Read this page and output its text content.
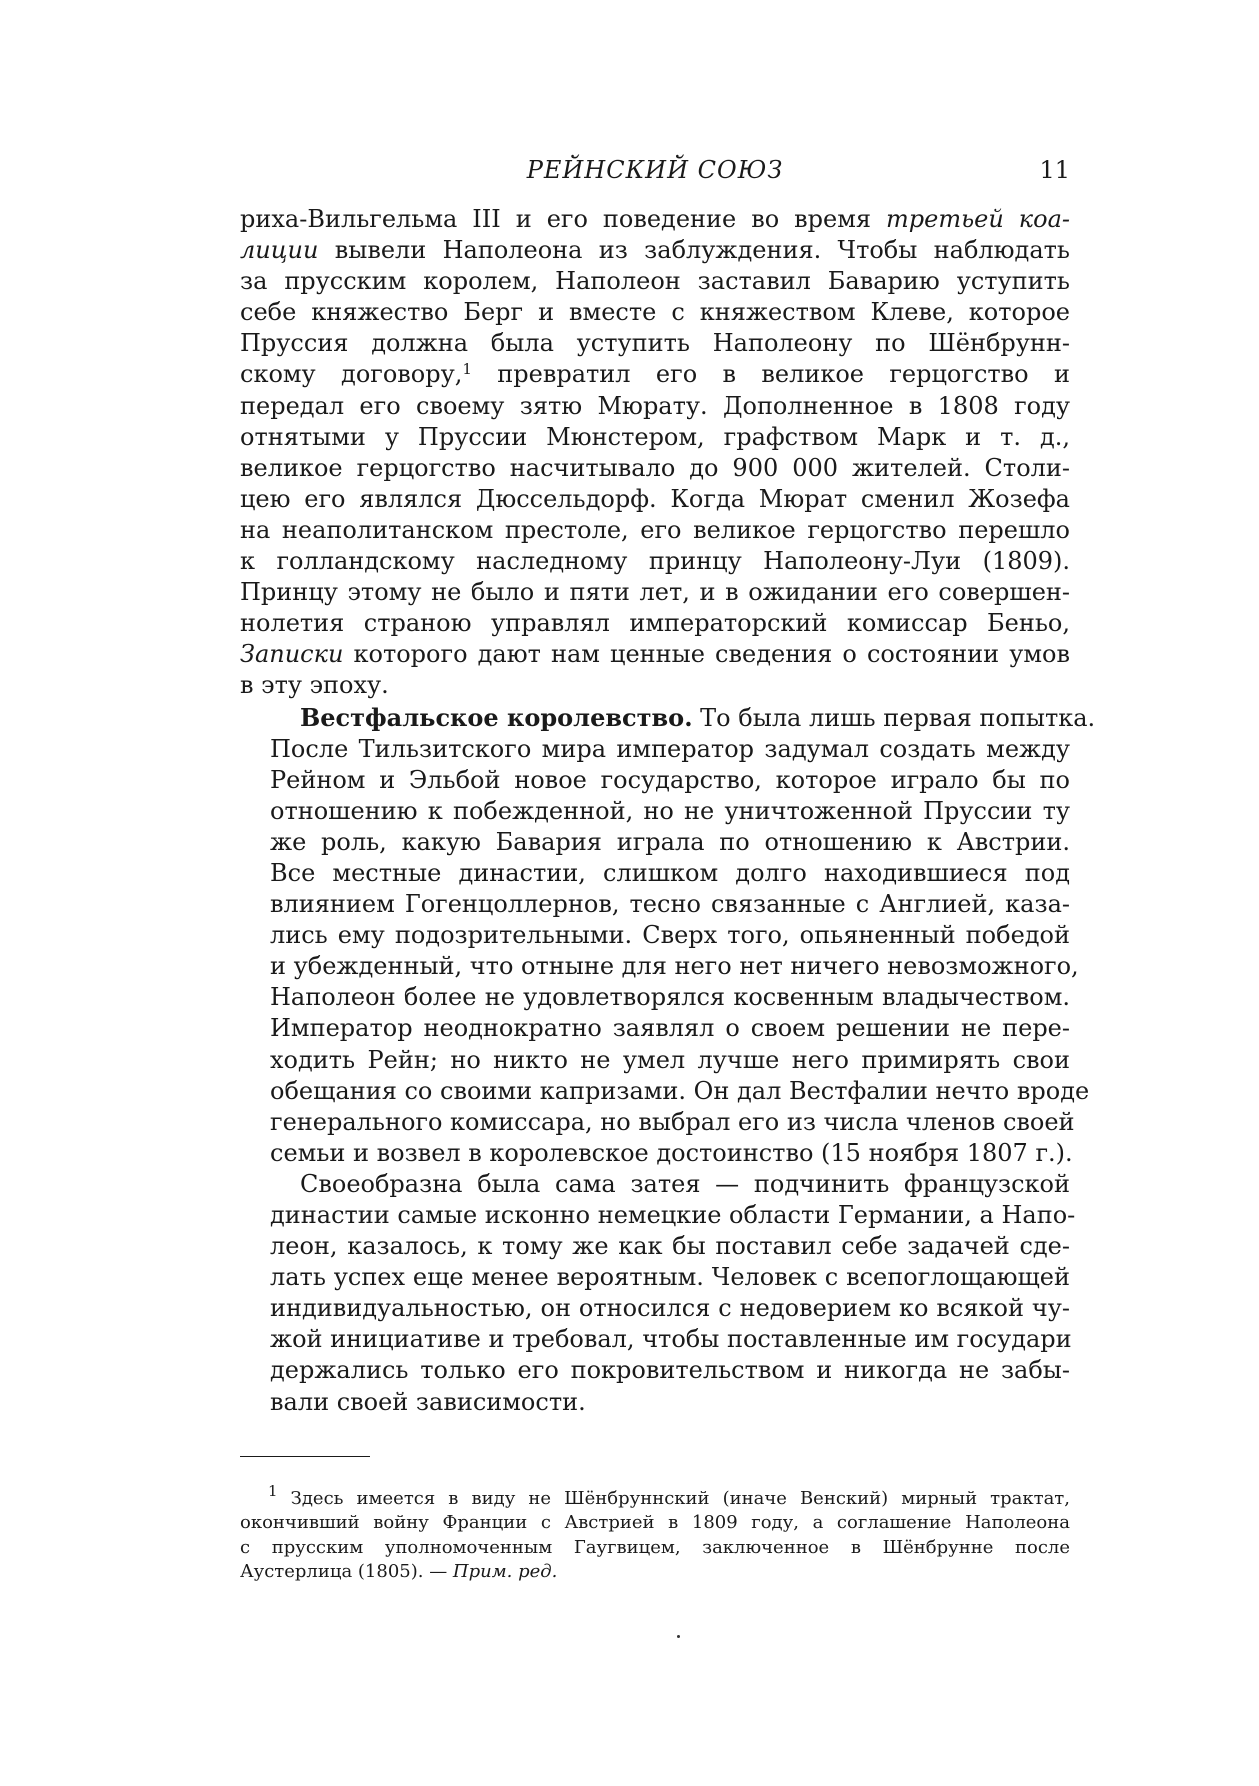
РЕЙНСКИЙ СОЮЗ	11

риха-Вильгельма III и его поведение во время третьей коа-
лиции вывели Наполеона из заблуждения. Чтобы наблюдать
за прусским королем, Наполеон заставил Баварию уступить
себе княжество Берг и вместе с княжеством Клеве, которое
Пруссия должна была уступить Наполеону по Шёнбрунн-
скому договору,$^1$ превратил его в великое герцогство и
передал его своему зятю Мюрату. Дополненное в 1808 году
отнятыми у Пруссии Мюнстером, графством Марк и т. д.,
великое герцогство насчитывало до 900 000 жителей. Столи-
цею его являлся Дюссельдорф. Когда Мюрат сменил Жозефа
на неаполитанском престоле, его великое герцогство перешло
к голландскому наследному принцу Наполеону-Луи (1809).
Принцу этому не было и пяти лет, и в ожидании его совершен-
нолетия страною управлял императорский комиссар Беньо,
Записки которого дают нам ценные сведения о состоянии умов
в эту эпоху.

Вестфальское королевство. То была лишь первая попытка.
После Тильзитского мира император задумал создать между
Рейном и Эльбой новое государство, которое играло бы по
отношению к побежденной, но не уничтоженной Пруссии ту
же роль, какую Бавария играла по отношению к Австрии.
Все местные династии, слишком долго находившиеся под
влиянием Гогенцоллернов, тесно связанные с Англией, каза-
лись ему подозрительными. Сверх того, опьяненный победой
и убежденный, что отныне для него нет ничего невозможного,
Наполеон более не удовлетворялся косвенным владычеством.
Император неоднократно заявлял о своем решении не пере-
ходить Рейн; но никто не умел лучше него примирять свои
обещания со своими капризами. Он дал Вестфалии нечто вроде
генерального комиссара, но выбрал его из числа членов своей
семьи и возвел в королевское достоинство (15 ноября 1807 г.).

Своеобразна была сама затея — подчинить французской
династии самые исконно немецкие области Германии, а Напо-
леон, казалось, к тому же как бы поставил себе задачей сде-
лать успех еще менее вероятным. Человек с всепоглощающей
индивидуальностью, он относился с недоверием ко всякой чу-
жой инициативе и требовал, чтобы поставленные им государи
держались только его покровительством и никогда не забы-
вали своей зависимости.

$^1$ Здесь имеется в виду не Шёнбруннский (иначе Венский) мирный трактат,
окончивший войну Франции с Австрией в 1809 году, а соглашение Наполеона
с прусским уполномоченным Гаугвицем, заключенное в Шёнбрунне после
Аустерлица (1805). — Прим. ред.
